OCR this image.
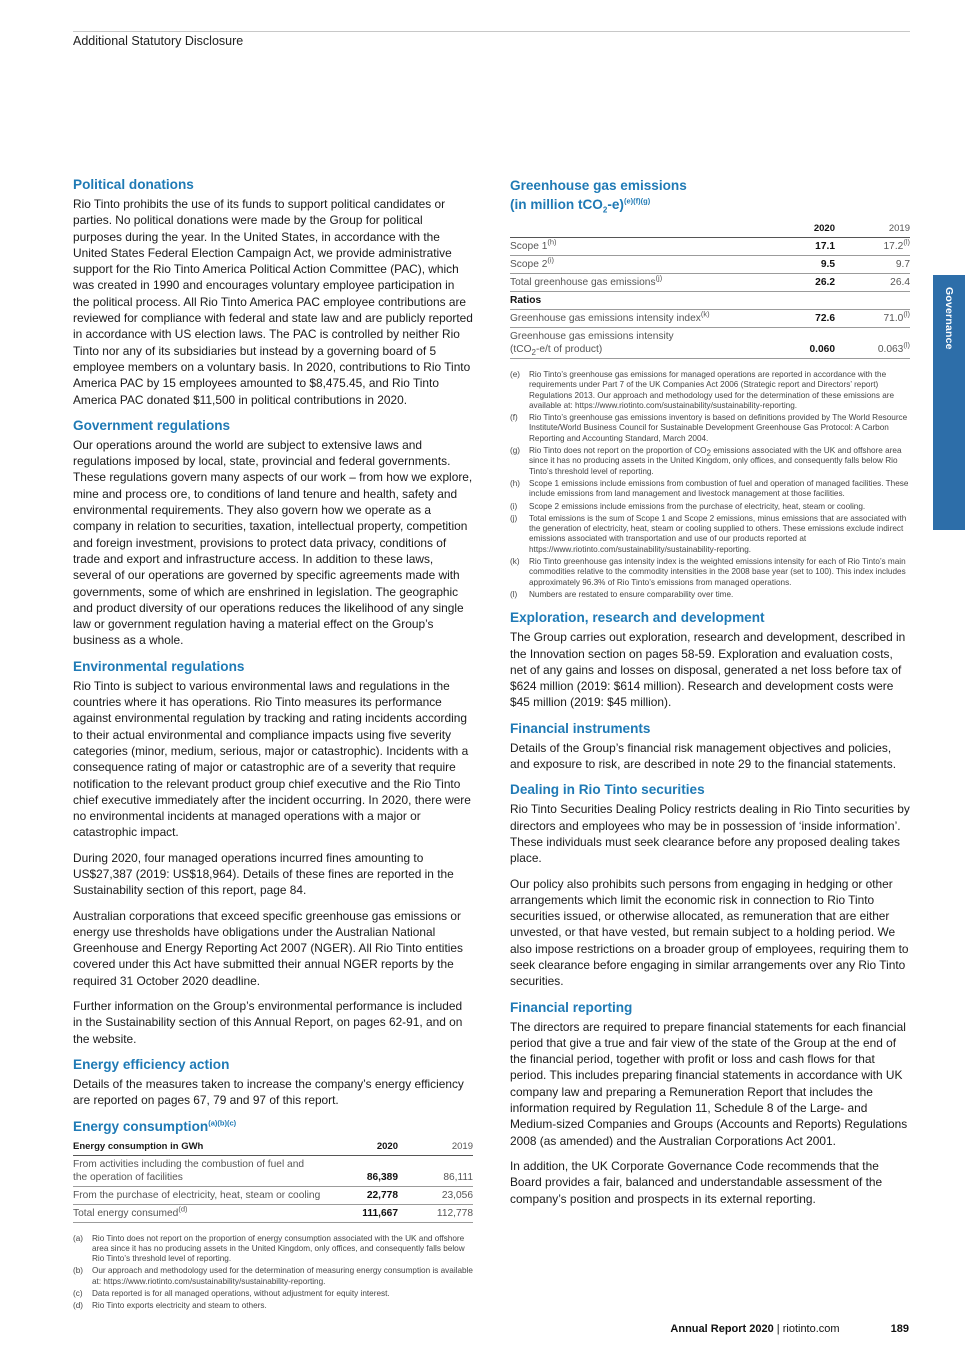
Additional Statutory Disclosure
Governance
Political donations

Rio Tinto prohibits the use of its funds to support political candidates or parties. No political donations were made by the Group for political purposes during the year. In the United States, in accordance with the United States Federal Election Campaign Act, we provide administrative support for the Rio Tinto America Political Action Committee (PAC), which was created in 1990 and encourages voluntary employee participation in the political process. All Rio Tinto America PAC employee contributions are reviewed for compliance with federal and state law and are publicly reported in accordance with US election laws. The PAC is controlled by neither Rio Tinto nor any of its subsidiaries but instead by a governing board of 5 employee members on a voluntary basis. In 2020, contributions to Rio Tinto America PAC by 15 employees amounted to $8,475.45, and Rio Tinto America PAC donated $11,500 in political contributions in 2020.

Government regulations

Our operations around the world are subject to extensive laws and regulations imposed by local, state, provincial and federal governments. These regulations govern many aspects of our work – from how we explore, mine and process ore, to conditions of land tenure and health, safety and environmental requirements. They also govern how we operate as a company in relation to securities, taxation, intellectual property, competition and foreign investment, provisions to protect data privacy, conditions of trade and export and infrastructure access. In addition to these laws, several of our operations are governed by specific agreements made with governments, some of which are enshrined in legislation. The geographic and product diversity of our operations reduces the likelihood of any single law or government regulation having a material effect on the Group’s business as a whole.

Environmental regulations

Rio Tinto is subject to various environmental laws and regulations in the countries where it has operations. Rio Tinto measures its performance against environmental regulation by tracking and rating incidents according to their actual environmental and compliance impacts using five severity categories (minor, medium, serious, major or catastrophic). Incidents with a consequence rating of major or catastrophic are of a severity that require notification to the relevant product group chief executive and the Rio Tinto chief executive immediately after the incident occurring. In 2020, there were no environmental incidents at managed operations with a major or catastrophic impact.

During 2020, four managed operations incurred fines amounting to US$27,387 (2019: US$18,964). Details of these fines are reported in the Sustainability section of this report, page 84.

Australian corporations that exceed specific greenhouse gas emissions or energy use thresholds have obligations under the Australian National Greenhouse and Energy Reporting Act 2007 (NGER). All Rio Tinto entities covered under this Act have submitted their annual NGER reports by the required 31 October 2020 deadline.

Further information on the Group’s environmental performance is included in the Sustainability section of this Annual Report, on pages 62-91, and on the website.

Energy efficiency action

Details of the measures taken to increase the company’s energy efficiency are reported on pages 67, 79 and 97 of this report.

Energy consumption$^{(a)(b)(c)}$
Energy consumption in GWh	2020	2019
From activities including the combustion of fuel and
the operation of facilities	86,389	86,111
From the purchase of electricity, heat, steam or cooling	22,778	23,056
Total energy consumed$^{(d)}$	111,667	112,778
(a)	Rio Tinto does not report on the proportion of energy consumption associated with the UK and offshore area since it has no producing assets in the United Kingdom, only offices, and consequently falls below Rio Tinto’s threshold level of reporting.
(b)	Our approach and methodology used for the determination of measuring energy consumption is available at: https://www.riotinto.com/sustainability/sustainability-reporting.
(c)	Data reported is for all managed operations, without adjustment for equity interest.
(d)	Rio Tinto exports electricity and steam to others.
Greenhouse gas emissions
(in million tCO$_2$-e)$^{(e)(f)(g)}$
	2020	2019
Scope 1$^{(h)}$	17.1	17.2$^{(l)}$
Scope 2$^{(i)}$	9.5	9.7
Total greenhouse gas emissions$^{(j)}$	26.2	26.4
Ratios		
Greenhouse gas emissions intensity index$^{(k)}$	72.6	71.0$^{(l)}$
Greenhouse gas emissions intensity
(tCO$_2$-e/t of product)	0.060	0.063$^{(l)}$
(e)	Rio Tinto’s greenhouse gas emissions for managed operations are reported in accordance with the requirements under Part 7 of the UK Companies Act 2006 (Strategic report and Directors’ report) Regulations 2013. Our approach and methodology used for the determination of these emissions are available at: https://www.riotinto.com/sustainability/sustainability-reporting.
(f)	Rio Tinto’s greenhouse gas emissions inventory is based on definitions provided by The World Resource Institute/World Business Council for Sustainable Development Greenhouse Gas Protocol: A Carbon Reporting and Accounting Standard, March 2004.
(g)	Rio Tinto does not report on the proportion of $CO_2$ emissions associated with the UK and offshore area since it has no producing assets in the United Kingdom, only offices, and consequently falls below Rio Tinto’s threshold level of reporting.
(h)	Scope 1 emissions include emissions from combustion of fuel and operation of managed facilities. These include emissions from land management and livestock management at those facilities.
(i)	Scope 2 emissions include emissions from the purchase of electricity, heat, steam or cooling.
(j)	Total emissions is the sum of Scope 1 and Scope 2 emissions, minus emissions that are associated with the generation of electricity, heat, steam or cooling supplied to others. These emissions exclude indirect emissions associated with transportation and use of our products reported at https://www.riotinto.com/sustainability/sustainability-reporting.
(k)	Rio Tinto greenhouse gas intensity index is the weighted emissions intensity for each of Rio Tinto’s main commodities relative to the commodity intensities in the 2008 base year (set to 100). This index includes approximately 96.3% of Rio Tinto’s emissions from managed operations.
(l)	Numbers are restated to ensure comparability over time.
Exploration, research and development

The Group carries out exploration, research and development, described in the Innovation section on pages 58-59. Exploration and evaluation costs, net of any gains and losses on disposal, generated a net loss before tax of $624 million (2019: $614 million). Research and development costs were $45 million (2019: $45 million).

Financial instruments

Details of the Group’s financial risk management objectives and policies, and exposure to risk, are described in note 29 to the financial statements.

Dealing in Rio Tinto securities

Rio Tinto Securities Dealing Policy restricts dealing in Rio Tinto securities by directors and employees who may be in possession of ‘inside information’. These individuals must seek clearance before any proposed dealing takes place.

Our policy also prohibits such persons from engaging in hedging or other arrangements which limit the economic risk in connection to Rio Tinto securities issued, or otherwise allocated, as remuneration that are either unvested, or that have vested, but remain subject to a holding period. We also impose restrictions on a broader group of employees, requiring them to seek clearance before engaging in similar arrangements over any Rio Tinto securities.

Financial reporting

The directors are required to prepare financial statements for each financial period that give a true and fair view of the state of the Group at the end of the financial period, together with profit or loss and cash flows for that period. This includes preparing financial statements in accordance with UK company law and preparing a Remuneration Report that includes the information required by Regulation 11, Schedule 8 of the Large- and Medium-sized Companies and Groups (Accounts and Reports) Regulations 2008 (as amended) and the Australian Corporations Act 2001.

In addition, the UK Corporate Governance Code recommends that the Board provides a fair, balanced and understandable assessment of the company’s position and prospects in its external reporting.

Annual Report 2020 | riotinto.com	189
